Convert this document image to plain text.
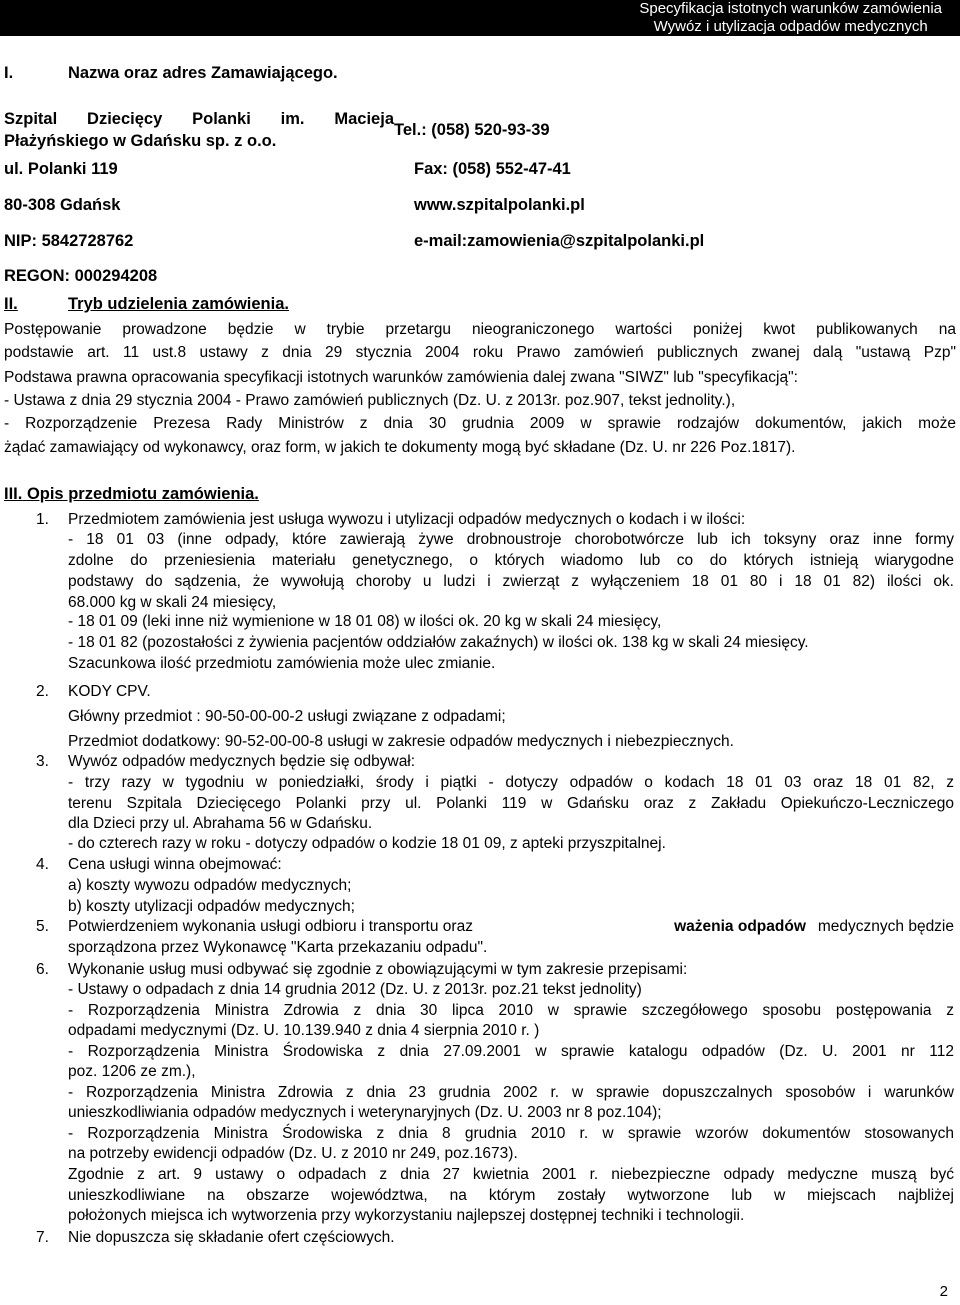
Specyfikacja istotnych warunków zamówienia
Wywóz i utylizacja odpadów medycznych
I.	Nazwa oraz adres Zamawiającego.
Szpital Dziecięcy Polanki im. Macieja
Płażyńskiego w Gdańsku sp. z o.o.
Tel.: (058) 520-93-39
ul. Polanki 119	Fax: (058) 552-47-41
80-308 Gdańsk	www.szpitalpolanki.pl
NIP: 5842728762	e-mail:zamowienia@szpitalpolanki.pl
REGON: 000294208
II.	Tryb udzielenia zamówienia.
Postępowanie prowadzone będzie w trybie przetargu nieograniczonego wartości poniżej kwot publikowanych na
podstawie art. 11 ust.8 ustawy z dnia 29 stycznia 2004 roku Prawo zamówień publicznych zwanej dalą "ustawą Pzp"
Podstawa prawna opracowania specyfikacji istotnych warunków zamówienia dalej zwana "SIWZ" lub "specyfikacją":
- Ustawa z dnia 29 stycznia 2004 - Prawo zamówień publicznych (Dz. U. z 2013r. poz.907, tekst jednolity.),
- Rozporządzenie Prezesa Rady Ministrów z dnia 30 grudnia 2009 w sprawie rodzajów dokumentów, jakich może
żądać zamawiający od wykonawcy, oraz form, w jakich te dokumenty mogą być składane (Dz. U. nr 226 Poz.1817).
III. Opis przedmiotu zamówienia.
1. Przedmiotem zamówienia jest usługa wywozu i utylizacji odpadów medycznych o kodach i w ilości:
- 18 01 03 (inne odpady, które zawierają żywe drobnoustroje chorobotwórcze lub ich toksyny oraz inne formy
zdolne do przeniesienia materiału genetycznego, o których wiadomo lub co do których istnieją wiarygodne
podstawy do sądzenia, że wywołują choroby u ludzi i zwierząt z wyłączeniem 18 01 80 i 18 01 82) ilości ok.
68.000 kg w skali 24 miesięcy,
- 18 01 09 (leki inne niż wymienione w 18 01 08) w ilości ok. 20 kg w skali 24 miesięcy,
- 18 01 82 (pozostałości z żywienia pacjentów oddziałów zakaźnych) w ilości ok. 138 kg w skali 24 miesięcy.
Szacunkowa ilość przedmiotu zamówienia może ulec zmianie.
2. KODY CPV.
Główny przedmiot : 90-50-00-00-2 usługi związane z odpadami;
Przedmiot dodatkowy: 90-52-00-00-8 usługi w zakresie odpadów medycznych i niebezpiecznych.
3. Wywóz odpadów medycznych będzie się odbywał:
- trzy razy w tygodniu w poniedziałki, środy i piątki - dotyczy odpadów o kodach 18 01 03 oraz 18 01 82, z
terenu Szpitala Dziecięcego Polanki przy ul. Polanki 119 w Gdańsku oraz z Zakładu Opiekuńczo-Leczniczego
dla Dzieci przy ul. Abrahama 56 w Gdańsku.
- do czterech razy w roku - dotyczy odpadów o kodzie 18 01 09, z apteki przyszpitalnej.
4. Cena usługi winna obejmować:
a) koszty wywozu odpadów medycznych;
b) koszty utylizacji odpadów medycznych;
5. Potwierdzeniem wykonania usługi odbioru i transportu oraz	ważenia odpadów medycznych będzie
sporządzona przez Wykonawcę "Karta przekazaniu odpadu".
6. Wykonanie usług musi odbywać się zgodnie z obowiązującymi w tym zakresie przepisami:
- Ustawy o odpadach z dnia 14 grudnia 2012 (Dz. U. z 2013r. poz.21 tekst jednolity)
- Rozporządzenia Ministra Zdrowia z dnia 30 lipca 2010 w sprawie szczegółowego sposobu postępowania z
odpadami medycznymi (Dz. U. 10.139.940 z dnia 4 sierpnia 2010 r. )
- Rozporządzenia Ministra Środowiska z dnia 27.09.2001 w sprawie katalogu odpadów (Dz. U. 2001 nr 112
poz. 1206 ze zm.),
- Rozporządzenia Ministra Zdrowia z dnia 23 grudnia 2002 r. w sprawie dopuszczalnych sposobów i warunków
unieszkodliwiania odpadów medycznych i weterynaryjnych (Dz. U. 2003 nr 8 poz.104);
- Rozporządzenia Ministra Środowiska z dnia 8 grudnia 2010 r. w sprawie wzorów dokumentów stosowanych
na potrzeby ewidencji odpadów (Dz. U. z 2010 nr 249, poz.1673).
Zgodnie z art. 9 ustawy o odpadach z dnia 27 kwietnia 2001 r. niebezpieczne odpady medyczne muszą być
unieszkodliwiane na obszarze województwa, na którym zostały wytworzone lub w miejscach najbliżej
położonych miejsca ich wytworzenia przy wykorzystaniu najlepszej dostępnej techniki i technologii.
7. Nie dopuszcza się składanie ofert częściowych.
2
